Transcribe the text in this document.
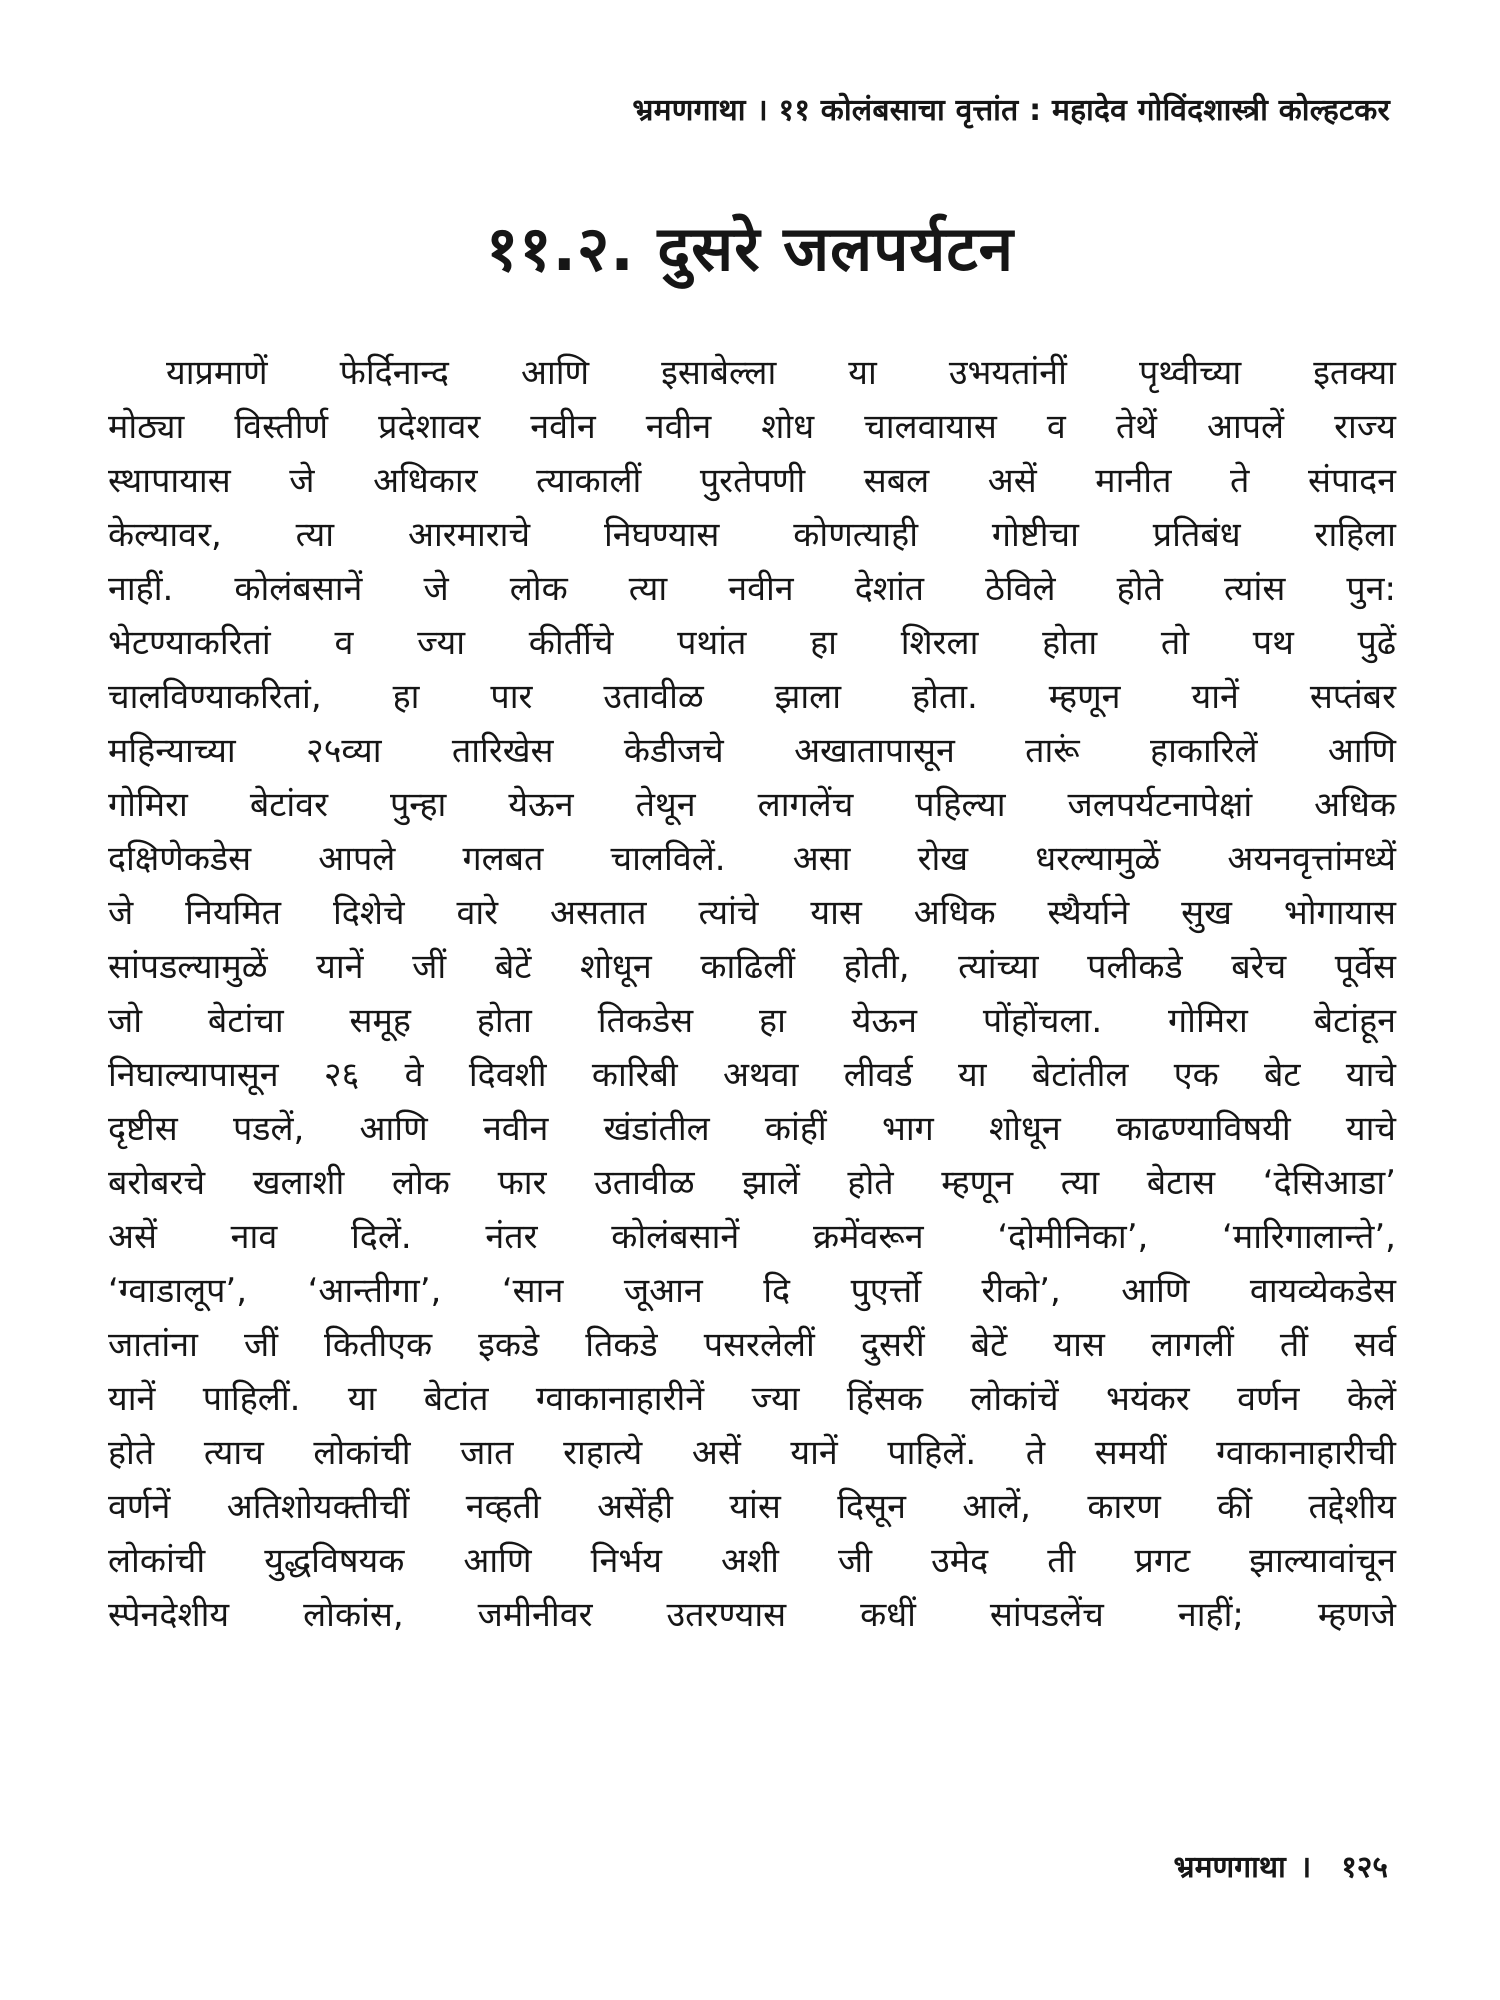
भ्रमणगाथा । ११ कोलंबसाचा वृत्तांत : महादेव गोविंदशास्त्री कोल्हटकर
११.२. दुसरे जलपर्यटन
याप्रमाणें फेर्दिनान्द आणि इसाबेल्ला या उभयतांनीं पृथ्वीच्या इतक्या
मोठ्या विस्तीर्ण प्रदेशावर नवीन नवीन शोध चालवायास व तेथें आपलें राज्य
स्थापायास जे अधिकार त्याकालीं पुरतेपणी सबल असें मानीत ते संपादन
केल्यावर, त्या आरमाराचे निघण्यास कोणत्याही गोष्टीचा प्रतिबंध राहिला
नाहीं. कोलंबसानें जे लोक त्या नवीन देशांत ठेविले होते त्यांस पुन:
भेटण्याकरितां व ज्या कीर्तीचे पथांत हा शिरला होता तो पथ पुढें
चालविण्याकरितां, हा पार उतावीळ झाला होता. म्हणून यानें सप्तंबर
महिन्याच्या २५व्या तारिखेस केडीजचे अखातापासून तारूं हाकारिलें आणि
गोमिरा बेटांवर पुन्हा येऊन तेथून लागलेंच पहिल्या जलपर्यटनापेक्षां अधिक
दक्षिणेकडेस आपले गलबत चालविलें. असा रोख धरल्यामुळें अयनवृत्तांमध्यें
जे नियमित दिशेचे वारे असतात त्यांचे यास अधिक स्थैर्याने सुख भोगायास
सांपडल्यामुळें यानें जीं बेटें शोधून काढिलीं होती, त्यांच्या पलीकडे बरेच पूर्वेस
जो बेटांचा समूह होता तिकडेस हा येऊन पोंहोंचला. गोमिरा बेटांहून
निघाल्यापासून २६ वे दिवशी कारिबी अथवा लीवर्ड या बेटांतील एक बेट याचे
दृष्टीस पडलें, आणि नवीन खंडांतील कांहीं भाग शोधून काढण्याविषयी याचे
बरोबरचे खलाशी लोक फार उतावीळ झालें होते म्हणून त्या बेटास ‘देसिआडा’
असें नाव दिलें. नंतर कोलंबसानें क्रमेंवरून ‘दोमीनिका’, ‘मारिगालान्ते’,
‘ग्वाडालूप’, ‘आन्तीगा’, ‘सान जूआन दि पुएर्त्तो रीको’, आणि वायव्येकडेस
जातांना जीं कितीएक इकडे तिकडे पसरलेलीं दुसरीं बेटें यास लागलीं तीं सर्व
यानें पाहिलीं. या बेटांत ग्वाकानाहारीनें ज्या हिंसक लोकांचें भयंकर वर्णन केलें
होते त्याच लोकांची जात राहात्ये असें यानें पाहिलें. ते समयीं ग्वाकानाहारीची
वर्णनें अतिशोयक्तीचीं नव्हती असेंही यांस दिसून आलें, कारण कीं तद्देशीय
लोकांची युद्धविषयक आणि निर्भय अशी जी उमेद ती प्रगट झाल्यावांचून
स्पेनदेशीय लोकांस, जमीनीवर उतरण्यास कधीं सांपडलेंच नाहीं; म्हणजे
भ्रमणगाथा । १२५
